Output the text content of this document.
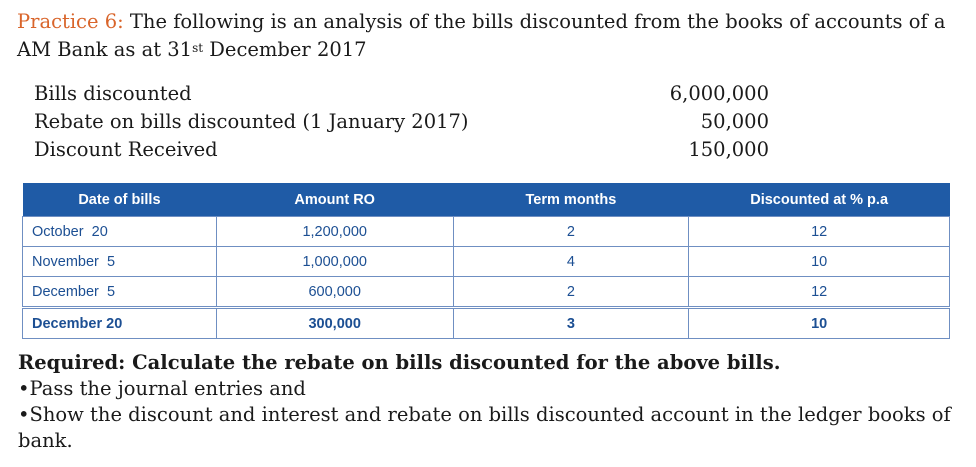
Practice 6: The following is an analysis of the bills discounted from the books of accounts of a
AM Bank as at 31st December 2017
Bills discounted	6,000,000
Rebate on bills discounted (1 January 2017)	50,000
Discount Received	150,000
Date of bills	Amount RO	Term months	Discounted at % p.a
October  20	1,200,000	2	12
November  5	1,000,000	4	10
December  5	600,000	2	12
December 20	300,000	3	10
Required: Calculate the rebate on bills discounted for the above bills.
•Pass the journal entries and
•Show the discount and interest and rebate on bills discounted account in the ledger books of bank.
